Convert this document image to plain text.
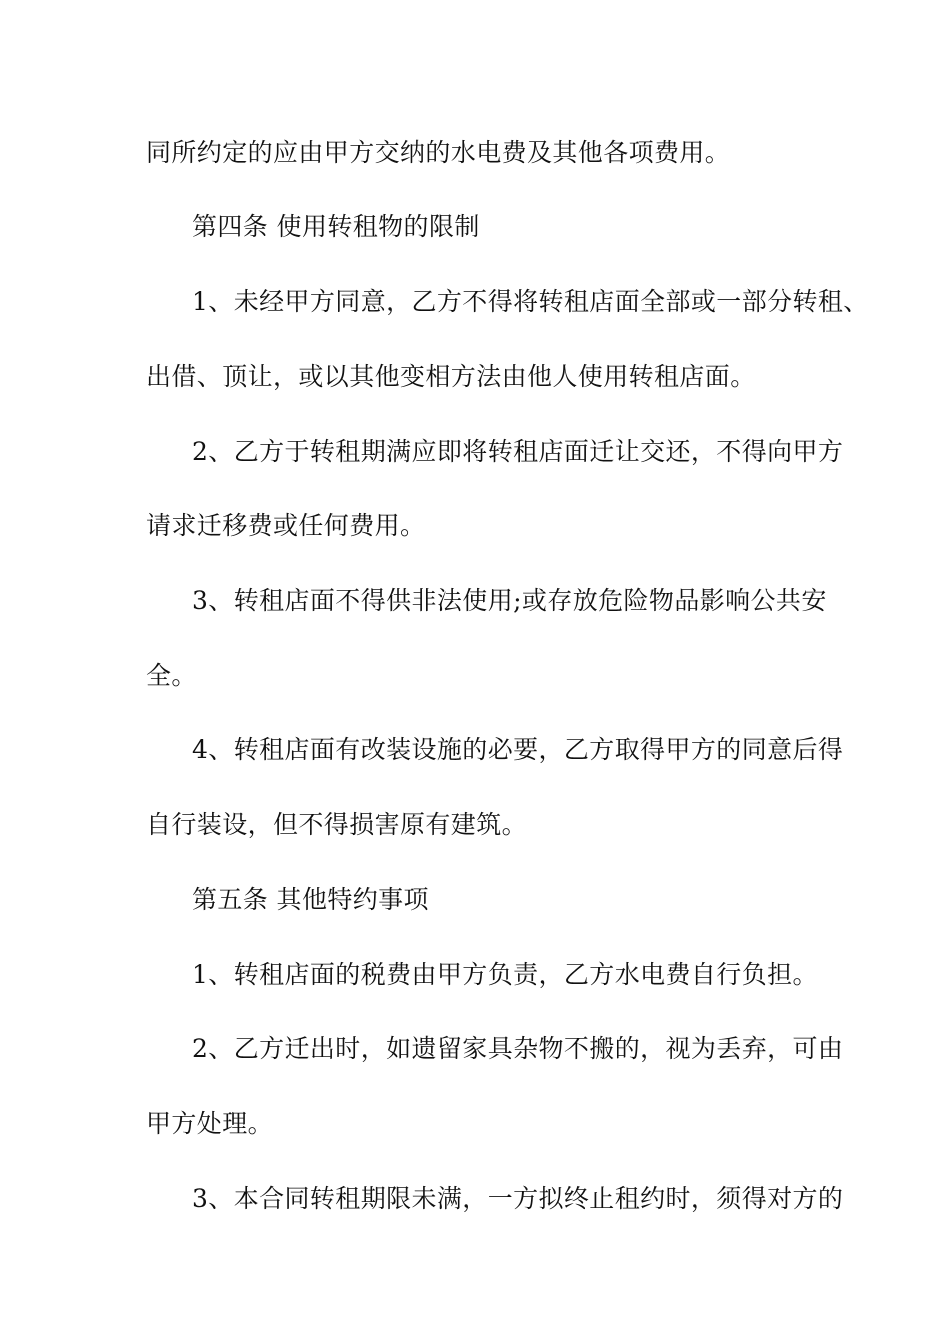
同所约定的应由甲方交纳的水电费及其他各项费用。
第四条 使用转租物的限制
1、未经甲方同意，乙方不得将转租店面全部或一部分转租、
出借、顶让，或以其他变相方法由他人使用转租店面。
2、乙方于转租期满应即将转租店面迁让交还，不得向甲方
请求迁移费或任何费用。
3、转租店面不得供非法使用;或存放危险物品影响公共安
全。
4、转租店面有改装设施的必要，乙方取得甲方的同意后得
自行装设，但不得损害原有建筑。
第五条 其他特约事项
1、转租店面的税费由甲方负责，乙方水电费自行负担。
2、乙方迁出时，如遗留家具杂物不搬的，视为丢弃，可由
甲方处理。
3、本合同转租期限未满，一方拟终止租约时，须得对方的
